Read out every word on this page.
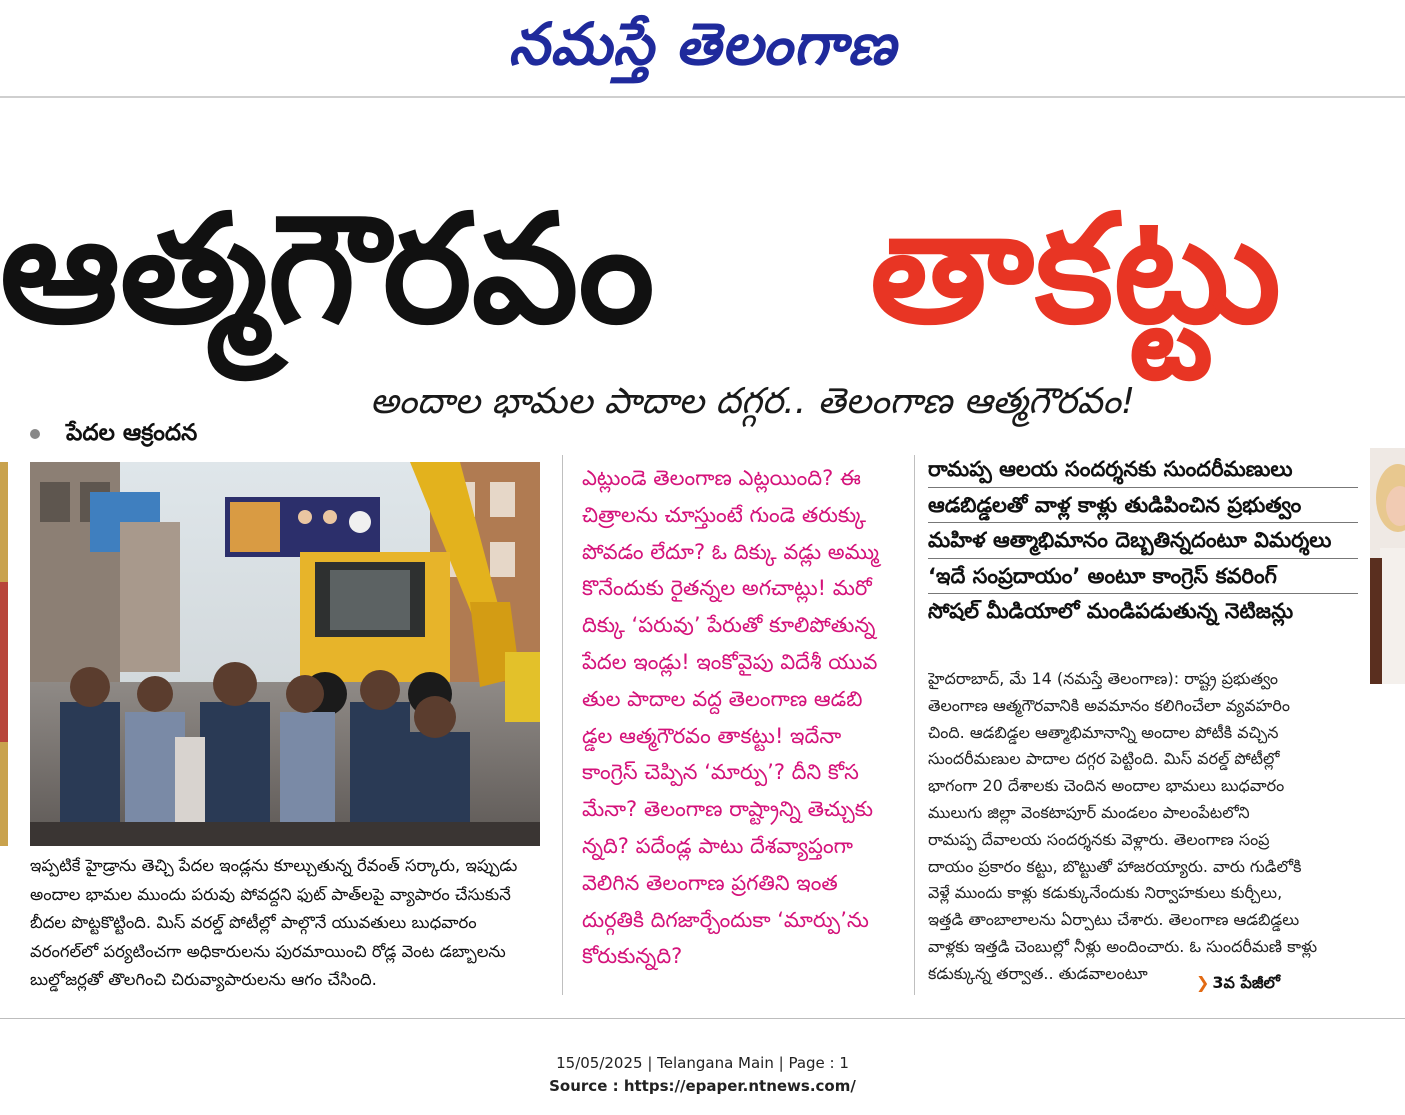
నమస్తే తెలంగాణ
ఆత్మగౌరవం	తాకట్టు
అందాల భామల పాదాల దగ్గర.. తెలంగాణ ఆత్మగౌరవం!
పేదల ఆక్రందన
ఇప్పటికే హైడ్రాను తెచ్చి పేదల ఇండ్లను కూల్చుతున్న రేవంత్ సర్కారు, ఇప్పుడు
అందాల భామల ముందు పరువు పోవద్దని ఫుట్ పాత్‌లపై వ్యాపారం చేసుకునే
బీదల పొట్టకొట్టింది. మిస్ వరల్డ్ పోటీల్లో పాల్గొనే యువతులు బుధవారం
వరంగల్‌లో పర్యటించగా అధికారులను పురమాయించి రోడ్ల వెంట డబ్బాలను
బుల్డోజర్లతో తొలగించి చిరువ్యాపారులను ఆగం చేసింది.
ఎట్లుండె తెలంగాణ ఎట్లయింది? ఈ
చిత్రాలను చూస్తుంటే గుండె తరుక్కు
పోవడం లేదూ? ఓ దిక్కు వడ్లు అమ్ము
కొనేందుకు రైతన్నల అగచాట్లు! మరో
దిక్కు ‘పరువు’ పేరుతో కూలిపోతున్న
పేదల ఇండ్లు! ఇంకోవైపు విదేశీ యువ
తుల పాదాల వద్ద తెలంగాణ ఆడబి
డ్డల ఆత్మగౌరవం తాకట్టు! ఇదేనా
కాంగ్రెస్ చెప్పిన ‘మార్పు’? దీని కోస
మేనా? తెలంగాణ రాష్ట్రాన్ని తెచ్చుకు
న్నది? పదేండ్ల పాటు దేశవ్యాప్తంగా
వెలిగిన తెలంగాణ ప్రగతిని ఇంత
దుర్గతికి దిగజార్చేందుకా ‘మార్పు’ను
కోరుకున్నది?
రామప్ప ఆలయ సందర్శనకు సుందరీమణులు
ఆడబిడ్డలతో వాళ్ల కాళ్లు తుడిపించిన ప్రభుత్వం
మహిళ ఆత్మాభిమానం దెబ్బతిన్నదంటూ విమర్శలు
‘ఇదే సంప్రదాయం’ అంటూ కాంగ్రెస్ కవరింగ్
సోషల్ మీడియాలో మండిపడుతున్న నెటిజన్లు
హైదరాబాద్, మే 14 (నమస్తే తెలంగాణ): రాష్ట్ర ప్రభుత్వం
తెలంగాణ ఆత్మగౌరవానికి అవమానం కలిగించేలా వ్యవహరిం
చింది. ఆడబిడ్డల ఆత్మాభిమానాన్ని అందాల పోటీకి వచ్చిన
సుందరీమణుల పాదాల దగ్గర పెట్టింది. మిస్ వరల్డ్ పోటీల్లో
భాగంగా 20 దేశాలకు చెందిన అందాల భామలు బుధవారం
ములుగు జిల్లా వెంకటాపూర్ మండలం పాలంపేటలోని
రామప్ప దేవాలయ సందర్శనకు వెళ్లారు. తెలంగాణ సంప్ర
దాయం ప్రకారం కట్టు, బొట్టుతో హాజరయ్యారు. వారు గుడిలోకి
వెళ్లే ముందు కాళ్లు కడుక్కునేందుకు నిర్వాహకులు కుర్చీలు,
ఇత్తడి తాంబాలాలను ఏర్పాటు చేశారు. తెలంగాణ ఆడబిడ్డలు
వాళ్లకు ఇత్తడి చెంబుల్లో నీళ్లు అందించారు. ఓ సుందరీమణి కాళ్లు
కడుక్కున్న తర్వాత.. తుడవాలంటూ	❯ 3వ పేజీలో
15/05/2025 | Telangana Main | Page : 1
Source : https://epaper.ntnews.com/
